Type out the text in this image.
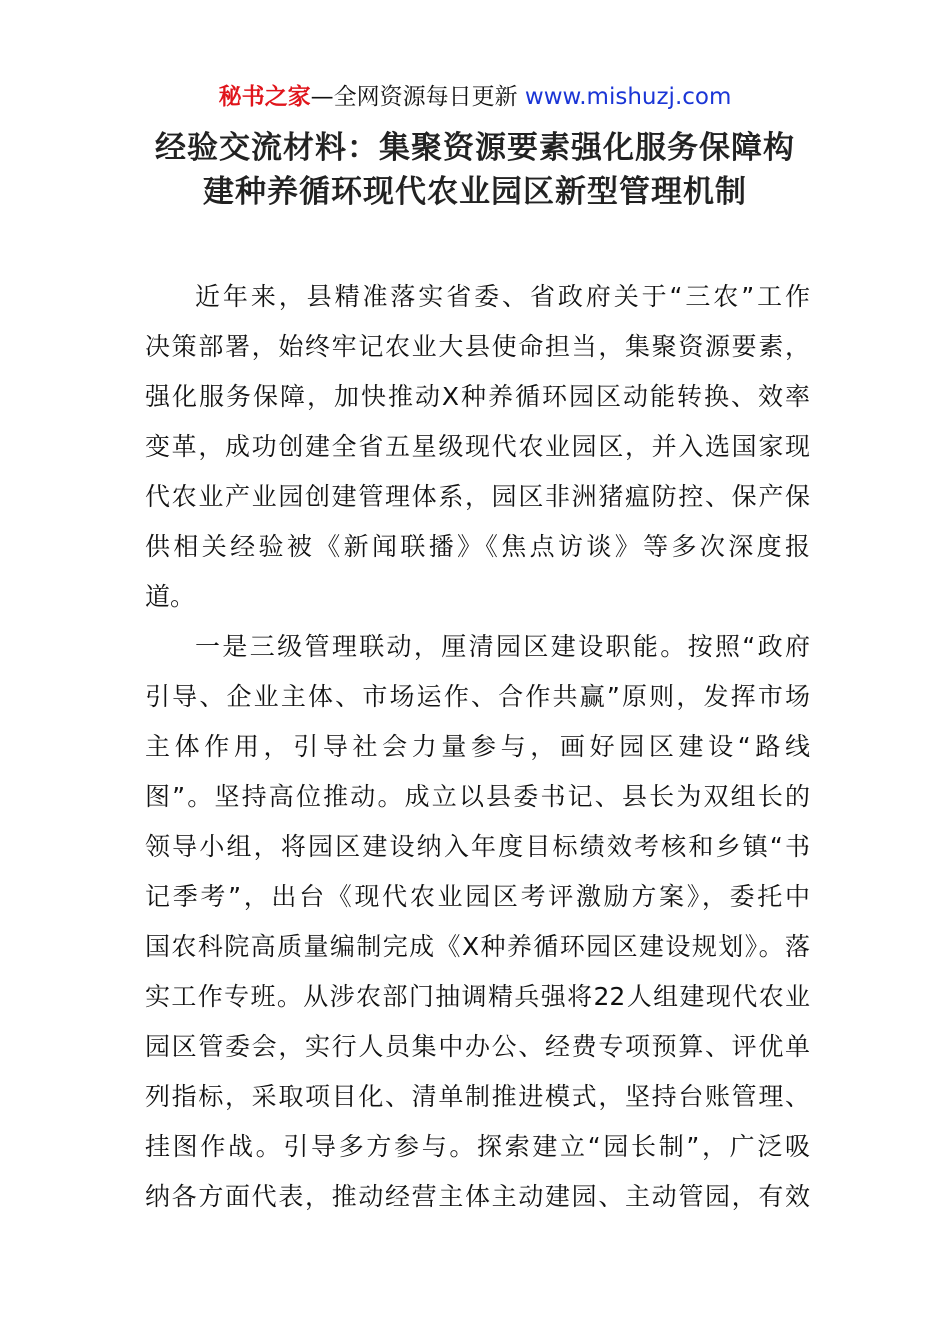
秘书之家—全网资源每日更新 www.mishuzj.com
经验交流材料：集聚资源要素强化服务保障构
建种养循环现代农业园区新型管理机制
近年来，县精准落实省委、省政府关于“三农”工作
决策部署，始终牢记农业大县使命担当，集聚资源要素，
强化服务保障，加快推动X种养循环园区动能转换、效率
变革，成功创建全省五星级现代农业园区，并入选国家现
代农业产业园创建管理体系，园区非洲猪瘟防控、保产保
供相关经验被《新闻联播》《焦点访谈》等多次深度报
道。
一是三级管理联动，厘清园区建设职能。按照“政府
引导、企业主体、市场运作、合作共赢”原则，发挥市场
主体作用，引导社会力量参与，画好园区建设“路线
图”。坚持高位推动。成立以县委书记、县长为双组长的
领导小组，将园区建设纳入年度目标绩效考核和乡镇“书
记季考”，出台《现代农业园区考评激励方案》，委托中
国农科院高质量编制完成《X种养循环园区建设规划》。落
实工作专班。从涉农部门抽调精兵强将22人组建现代农业
园区管委会，实行人员集中办公、经费专项预算、评优单
列指标，采取项目化、清单制推进模式，坚持台账管理、
挂图作战。引导多方参与。探索建立“园长制”，广泛吸
纳各方面代表，推动经营主体主动建园、主动管园，有效
